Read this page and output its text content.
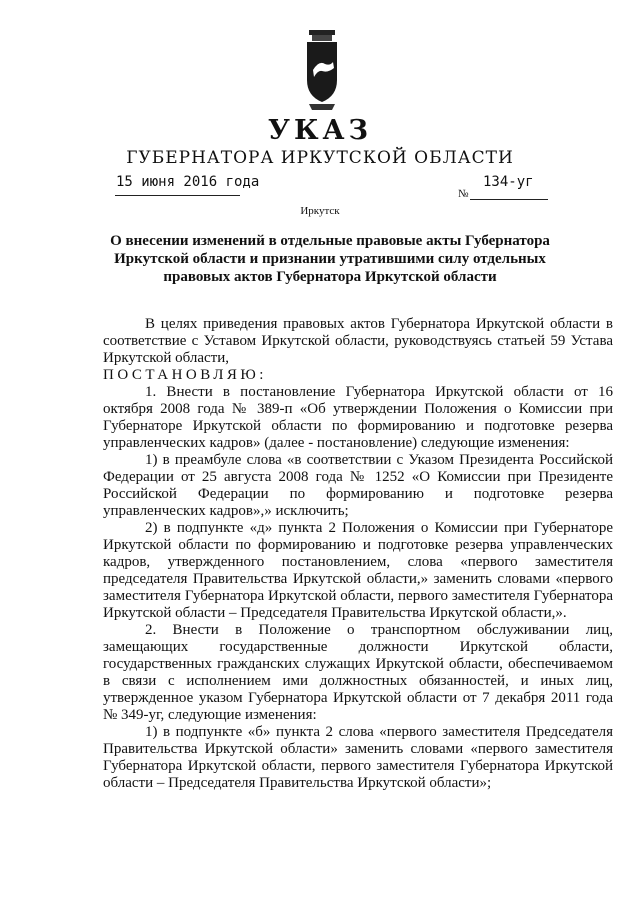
УКАЗ
ГУБЕРНАТОРА ИРКУТСКОЙ ОБЛАСТИ
15 июня 2016 года
№
134-уг
Иркутск
О внесении изменений в отдельные правовые акты Губернатора Иркутской области и признании утратившими силу отдельных правовых актов Губернатора Иркутской области

В целях приведения правовых актов Губернатора Иркутской области в соответствие с Уставом Иркутской области, руководствуясь статьей 59 Устава Иркутской области,

ПОСТАНОВЛЯЮ:

1. Внести в постановление Губернатора Иркутской области от 16 октября 2008 года № 389-п «Об утверждении Положения о Комиссии при Губернаторе Иркутской области по формированию и подготовке резерва управленческих кадров» (далее - постановление) следующие изменения:

1) в преамбуле слова «в соответствии с Указом Президента Российской Федерации от 25 августа 2008 года № 1252 «О Комиссии при Президенте Российской Федерации по формированию и подготовке резерва управленческих кадров»,» исключить;

2) в подпункте «д» пункта 2 Положения о Комиссии при Губернаторе Иркутской области по формированию и подготовке резерва управленческих кадров, утвержденного постановлением, слова «первого заместителя председателя Правительства Иркутской области,» заменить словами «первого заместителя Губернатора Иркутской области, первого заместителя Губернатора Иркутской области – Председателя Правительства Иркутской области,».

2. Внести в Положение о транспортном обслуживании лиц, замещающих государственные должности Иркутской области, государственных гражданских служащих Иркутской области, обеспечиваемом в связи с исполнением ими должностных обязанностей, и иных лиц, утвержденное указом Губернатора Иркутской области от 7 декабря 2011 года № 349-уг, следующие изменения:

1) в подпункте «б» пункта 2 слова «первого заместителя Председателя Правительства Иркутской области» заменить словами «первого заместителя Губернатора Иркутской области, первого заместителя Губернатора Иркутской области – Председателя Правительства Иркутской области»;
